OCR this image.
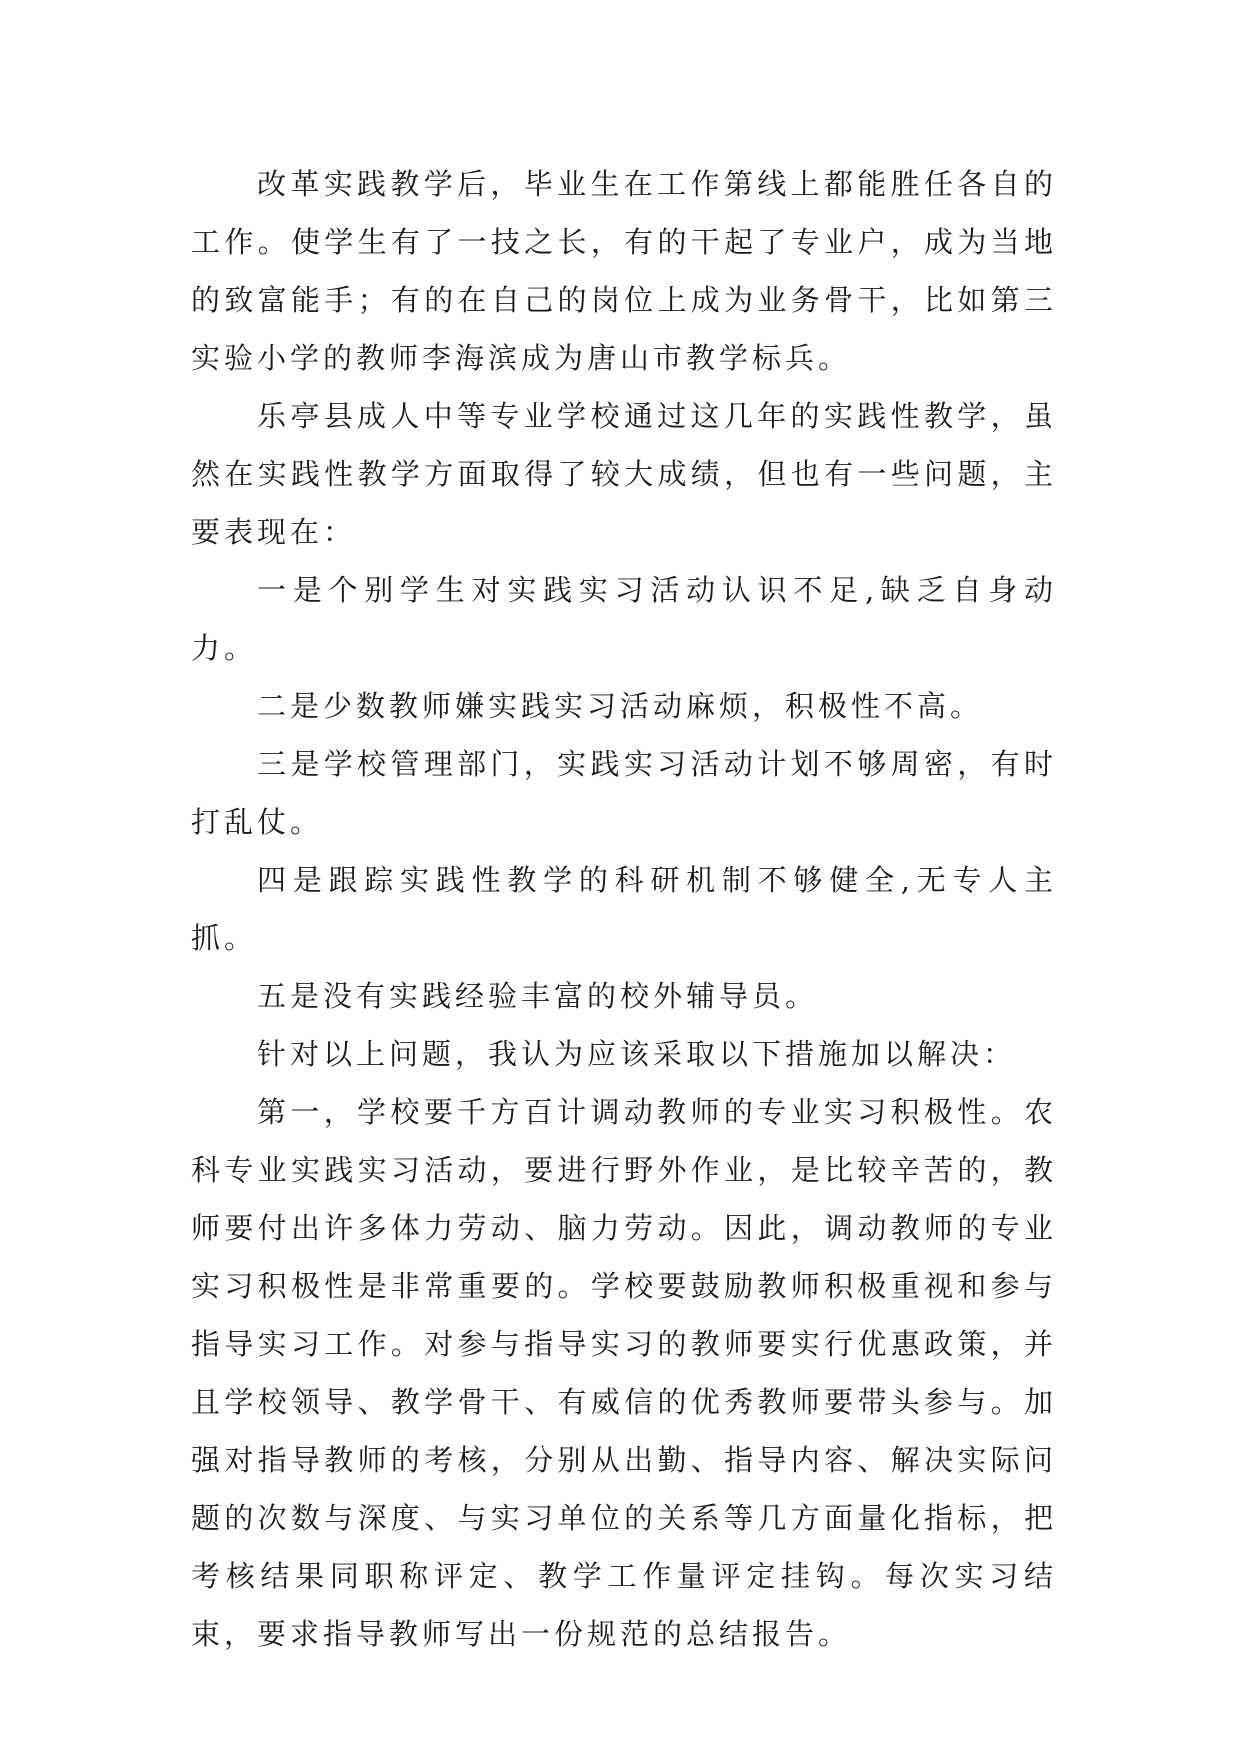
改革实践教学后，毕业生在工作第线上都能胜任各自的工作。使学生有了一技之长，有的干起了专业户，成为当地的致富能手；有的在自己的岗位上成为业务骨干，比如第三实验小学的教师李海滨成为唐山市教学标兵。

乐亭县成人中等专业学校通过这几年的实践性教学，虽然在实践性教学方面取得了较大成绩，但也有一些问题，主要表现在：

一是个别学生对实践实习活动认识不足,缺乏自身动力。

二是少数教师嫌实践实习活动麻烦，积极性不高。

三是学校管理部门，实践实习活动计划不够周密，有时打乱仗。

四是跟踪实践性教学的科研机制不够健全,无专人主抓。

五是没有实践经验丰富的校外辅导员。

针对以上问题，我认为应该采取以下措施加以解决：

第一，学校要千方百计调动教师的专业实习积极性。农科专业实践实习活动，要进行野外作业，是比较辛苦的，教师要付出许多体力劳动、脑力劳动。因此，调动教师的专业实习积极性是非常重要的。学校要鼓励教师积极重视和参与指导实习工作。对参与指导实习的教师要实行优惠政策，并且学校领导、教学骨干、有威信的优秀教师要带头参与。加强对指导教师的考核，分别从出勤、指导内容、解决实际问题的次数与深度、与实习单位的关系等几方面量化指标，把考核结果同职称评定、教学工作量评定挂钩。每次实习结束，要求指导教师写出一份规范的总结报告。
